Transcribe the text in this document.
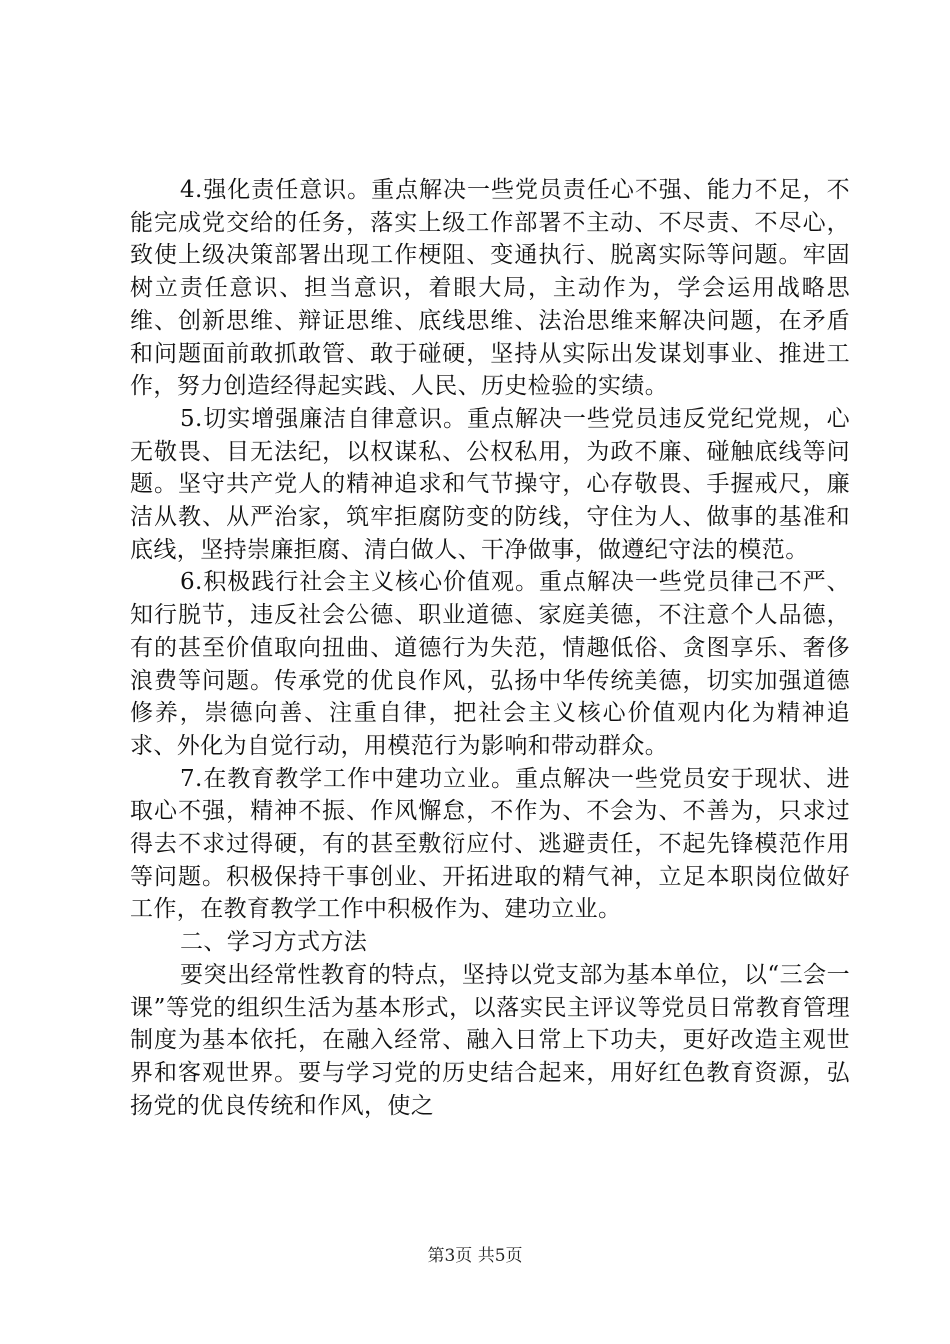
4.强化责任意识。重点解决一些党员责任心不强、能力不足，不能完成党交给的任务，落实上级工作部署不主动、不尽责、不尽心，致使上级决策部署出现工作梗阻、变通执行、脱离实际等问题。牢固树立责任意识、担当意识，着眼大局，主动作为，学会运用战略思维、创新思维、辩证思维、底线思维、法治思维来解决问题，在矛盾和问题面前敢抓敢管、敢于碰硬，坚持从实际出发谋划事业、推进工作，努力创造经得起实践、人民、历史检验的实绩。

5.切实增强廉洁自律意识。重点解决一些党员违反党纪党规，心无敬畏、目无法纪，以权谋私、公权私用，为政不廉、碰触底线等问题。坚守共产党人的精神追求和气节操守，心存敬畏、手握戒尺，廉洁从教、从严治家，筑牢拒腐防变的防线，守住为人、做事的基准和底线，坚持崇廉拒腐、清白做人、干净做事，做遵纪守法的模范。

6.积极践行社会主义核心价值观。重点解决一些党员律己不严、知行脱节，违反社会公德、职业道德、家庭美德，不注意个人品德，有的甚至价值取向扭曲、道德行为失范，情趣低俗、贪图享乐、奢侈浪费等问题。传承党的优良作风，弘扬中华传统美德，切实加强道德修养，崇德向善、注重自律，把社会主义核心价值观内化为精神追求、外化为自觉行动，用模范行为影响和带动群众。

7.在教育教学工作中建功立业。重点解决一些党员安于现状、进取心不强，精神不振、作风懈怠，不作为、不会为、不善为，只求过得去不求过得硬，有的甚至敷衍应付、逃避责任，不起先锋模范作用等问题。积极保持干事创业、开拓进取的精气神，立足本职岗位做好工作，在教育教学工作中积极作为、建功立业。

二、学习方式方法

要突出经常性教育的特点，坚持以党支部为基本单位，以“三会一课”等党的组织生活为基本形式，以落实民主评议等党员日常教育管理制度为基本依托，在融入经常、融入日常上下功夫，更好改造主观世界和客观世界。要与学习党的历史结合起来，用好红色教育资源，弘扬党的优良传统和作风，使之

第3页 共5页
